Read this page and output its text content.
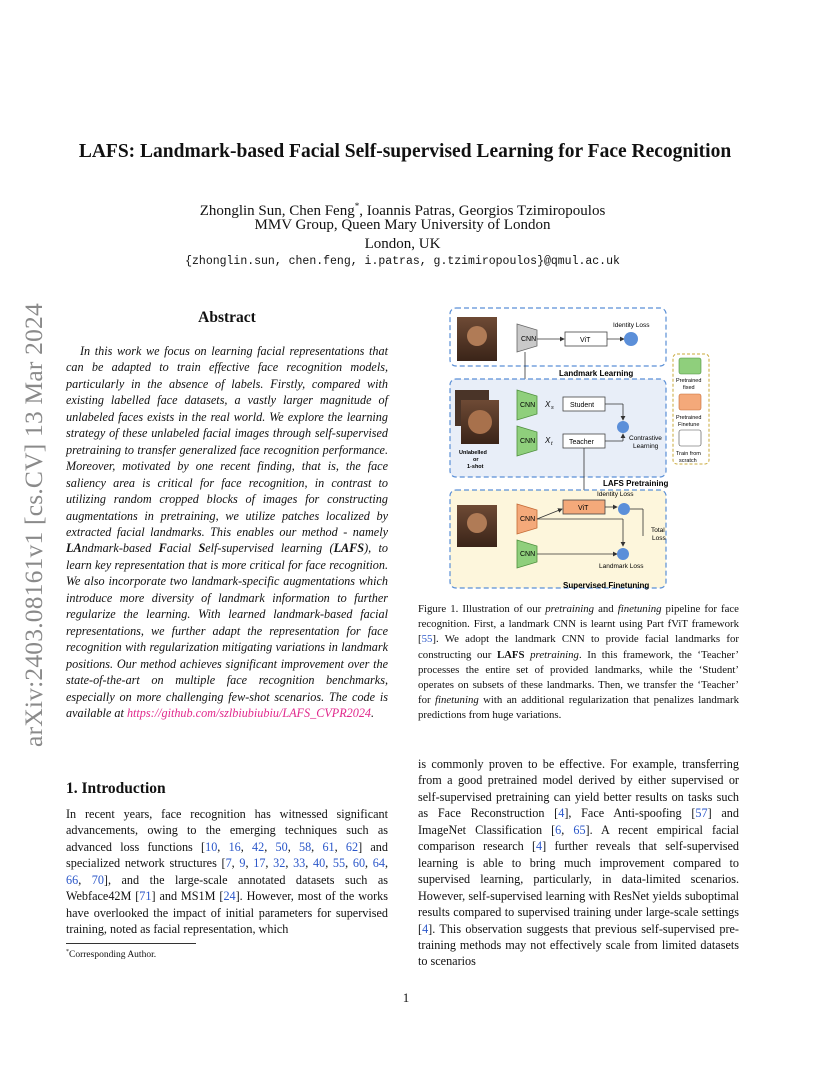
arXiv:2403.08161v1 [cs.CV] 13 Mar 2024
LAFS: Landmark-based Facial Self-supervised Learning for Face Recognition
Zhonglin Sun, Chen Feng*, Ioannis Patras, Georgios Tzimiropoulos
MMV Group, Queen Mary University of London
London, UK
{zhonglin.sun, chen.feng, i.patras, g.tzimiropoulos}@qmul.ac.uk
Abstract
In this work we focus on learning facial representations that can be adapted to train effective face recognition models, particularly in the absence of labels. Firstly, compared with existing labelled face datasets, a vastly larger magnitude of unlabeled faces exists in the real world. We explore the learning strategy of these unlabeled facial images through self-supervised pretraining to transfer generalized face recognition performance. Moreover, motivated by one recent finding, that is, the face saliency area is critical for face recognition, in contrast to utilizing random cropped blocks of images for constructing augmentations in pretraining, we utilize patches localized by extracted facial landmarks. This enables our method - namely LAndmark-based Facial Self-supervised learning (LAFS), to learn key representation that is more critical for face recognition. We also incorporate two landmark-specific augmentations which introduce more diversity of landmark information to further regularize the learning. With learned landmark-based facial representations, we further adapt the representation for face recognition with regularization mitigating variations in landmark positions. Our method achieves significant improvement over the state-of-the-art on multiple face recognition benchmarks, especially on more challenging few-shot scenarios. The code is available at https://github.com/szlbiubiubiu/LAFS_CVPR2024.
1. Introduction
In recent years, face recognition has witnessed significant advancements, owing to the emerging techniques such as advanced loss functions [10, 16, 42, 50, 58, 61, 62] and specialized network structures [7, 9, 17, 32, 33, 40, 55, 60, 64, 66, 70], and the large-scale annotated datasets such as Webface42M [71] and MS1M [24]. However, most of the works have overlooked the impact of initial parameters for supervised training, noted as facial representation, which
*Corresponding Author.
CNN	ViT
Identity Loss
Landmark Learning
Unlabelled
or
1-shot
CNN
CNN
X s
X t
Student
Teacher
Contrastive
Learning
LAFS Pretraining
CNN
CNN
ViT
Identity Loss
Total
Loss
Landmark Loss
Supervised Finetuning
Pretrained
fixed
Pretrained
Finetune
Train from
scratch
Figure 1. Illustration of our pretraining and finetuning pipeline for face recognition. First, a landmark CNN is learnt using Part fViT framework [55]. We adopt the landmark CNN to provide facial landmarks for constructing our LAFS pretraining. In this framework, the ‘Teacher’ processes the entire set of provided landmarks, while the ‘Student’ operates on subsets of these landmarks. Then, we transfer the ‘Teacher’ for finetuning with an additional regularization that penalizes landmark predictions from huge variations.
is commonly proven to be effective. For example, transferring from a good pretrained model derived by either supervised or self-supervised pretraining can yield better results on tasks such as Face Reconstruction [4], Face Anti-spoofing [57] and ImageNet Classification [6, 65]. A recent empirical facial comparison research [4] further reveals that self-supervised learning is able to bring much improvement compared to supervised learning, particularly, in data-limited scenarios. However, self-supervised learning with ResNet yields suboptimal results compared to supervised training under large-scale settings [4]. This observation suggests that previous self-supervised pre-training methods may not effectively scale from limited datasets to scenarios
1
